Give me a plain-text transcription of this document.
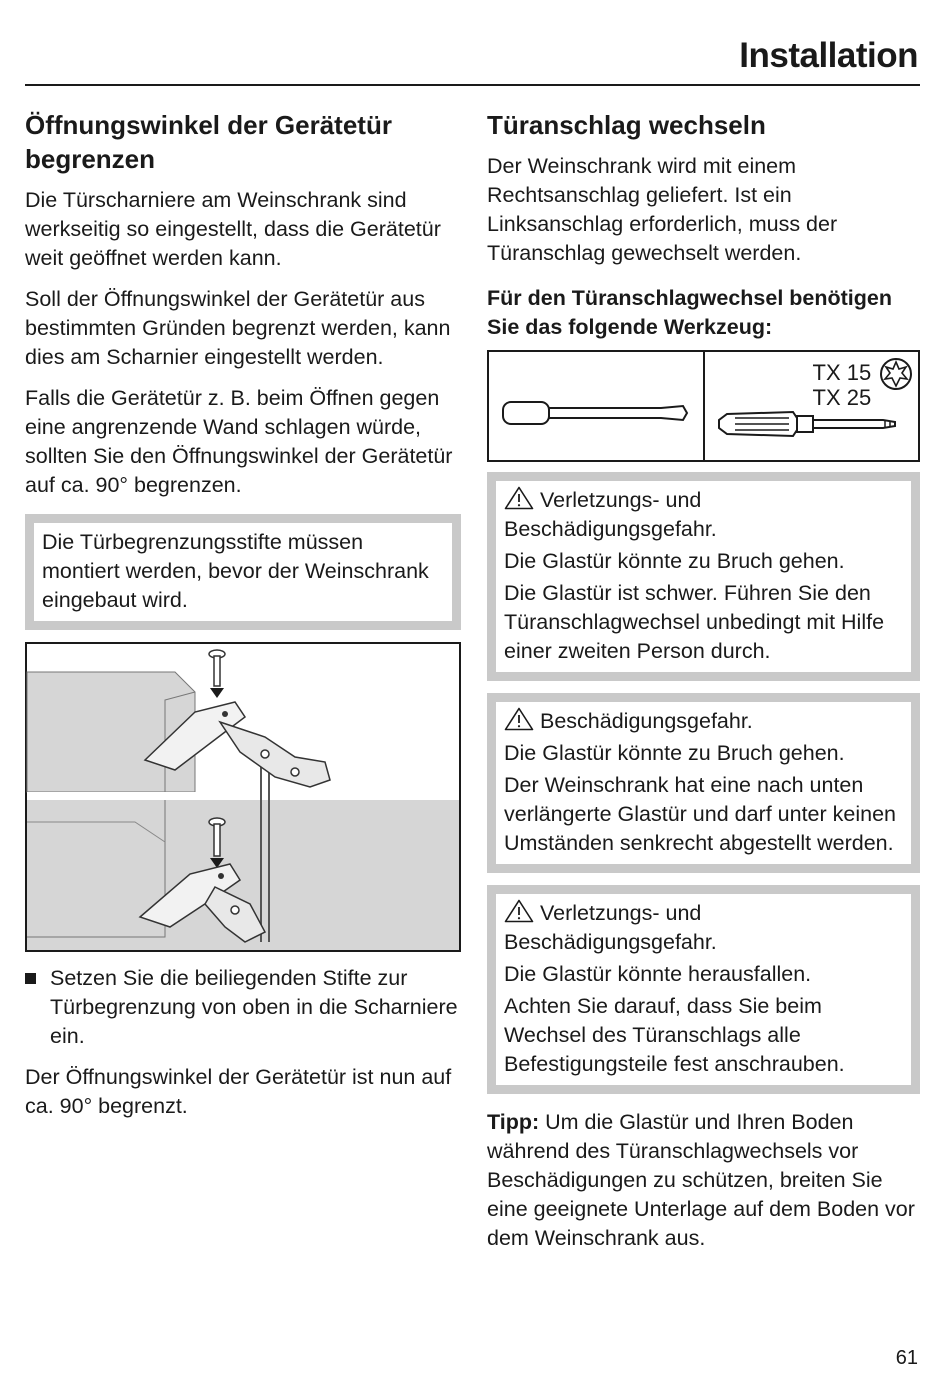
Installation
Öffnungswinkel der Gerätetür begrenzen

Die Türscharniere am Weinschrank sind werkseitig so eingestellt, dass die Gerätetür weit geöffnet werden kann.

Soll der Öffnungswinkel der Gerätetür aus bestimmten Gründen begrenzt werden, kann dies am Scharnier eingestellt werden.

Falls die Gerätetür z. B. beim Öffnen gegen eine angrenzende Wand schlagen würde, sollten Sie den Öffnungswinkel der Gerätetür auf ca. 90° begrenzen.

Die Türbegrenzungsstifte müssen montiert werden, bevor der Weinschrank eingebaut wird.

Setzen Sie die beiliegenden Stifte zur Türbegrenzung von oben in die Scharniere ein.

Der Öffnungswinkel der Gerätetür ist nun auf ca. 90° begrenzt.

Türanschlag wechseln

Der Weinschrank wird mit einem Rechtsanschlag geliefert. Ist ein Linksanschlag erforderlich, muss der Türanschlag gewechselt werden.

Für den Türanschlagwechsel benötigen Sie das folgende Werkzeug:

TX 15
TX 25

Verletzungs- und Beschädigungsgefahr.

Die Glastür könnte zu Bruch gehen.

Die Glastür ist schwer. Führen Sie den Türanschlagwechsel unbedingt mit Hilfe einer zweiten Person durch.

Beschädigungsgefahr.

Die Glastür könnte zu Bruch gehen.

Der Weinschrank hat eine nach unten verlängerte Glastür und darf unter keinen Umständen senkrecht abgestellt werden.

Verletzungs- und Beschädigungsgefahr.

Die Glastür könnte herausfallen.

Achten Sie darauf, dass Sie beim Wechsel des Türanschlags alle Befestigungsteile fest anschrauben.

Tipp: Um die Glastür und Ihren Boden während des Türanschlagwechsels vor Beschädigungen zu schützen, breiten Sie eine geeignete Unterlage auf dem Boden vor dem Weinschrank aus.

61
